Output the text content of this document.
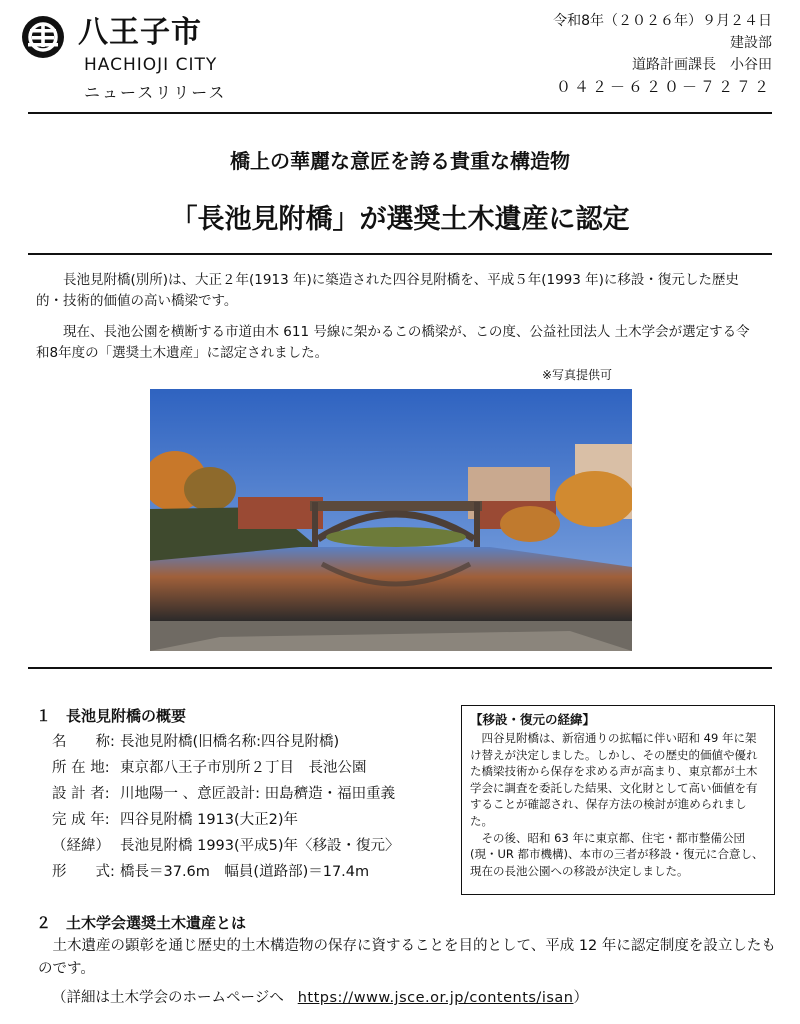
八王子市
HACHIOJI CITY
ニュースリリース
令和8年（２０２６年）９月２４日
建設部
道路計画課長　小谷田
０４２－６２０－７２７２
橋上の華麗な意匠を誇る貴重な構造物
「長池見附橋」が選奨土木遺産に認定
長池見附橋(別所)は、大正２年(1913 年)に築造された四谷見附橋を、平成５年(1993 年)に移設・復元した歴史的・技術的価値の高い橋梁です。
現在、長池公園を横断する市道由木 611 号線に架かるこの橋梁が、この度、公益社団法人 土木学会が選定する令和8年度の「選奨土木遺産」に認定されました。
※写真提供可
１　長池見附橋の概要
名　　称: 長池見附橋(旧橋名称:四谷見附橋)
所 在 地: 東京都八王子市別所２丁目　長池公園
設 計 者: 川地陽一 、意匠設計: 田島穧造・福田重義
完 成 年: 四谷見附橋 1913(大正2)年
（経緯） 長池見附橋 1993(平成5)年〈移設・復元〉
形　　式: 橋長＝37.6m　幅員(道路部)＝17.4m
【移設・復元の経緯】

四谷見附橋は、新宿通りの拡幅に伴い昭和 49 年に架け替えが決定しました。しかし、その歴史的価値や優れた橋梁技術から保存を求める声が高まり、東京都が土木学会に調査を委託した結果、文化財として高い価値を有することが確認され、保存方法の検討が進められました。

その後、昭和 63 年に東京都、住宅・都市整備公団(現・UR 都市機構)、本市の三者が移設・復元に合意し、現在の長池公園への移設が決定しました。

２　土木学会選奨土木遺産とは
土木遺産の顕彰を通じ歴史的土木構造物の保存に資することを目的として、平成 12 年に認定制度を設立したものです。
（詳細は土木学会のホームページへ https://www.jsce.or.jp/contents/isan）
